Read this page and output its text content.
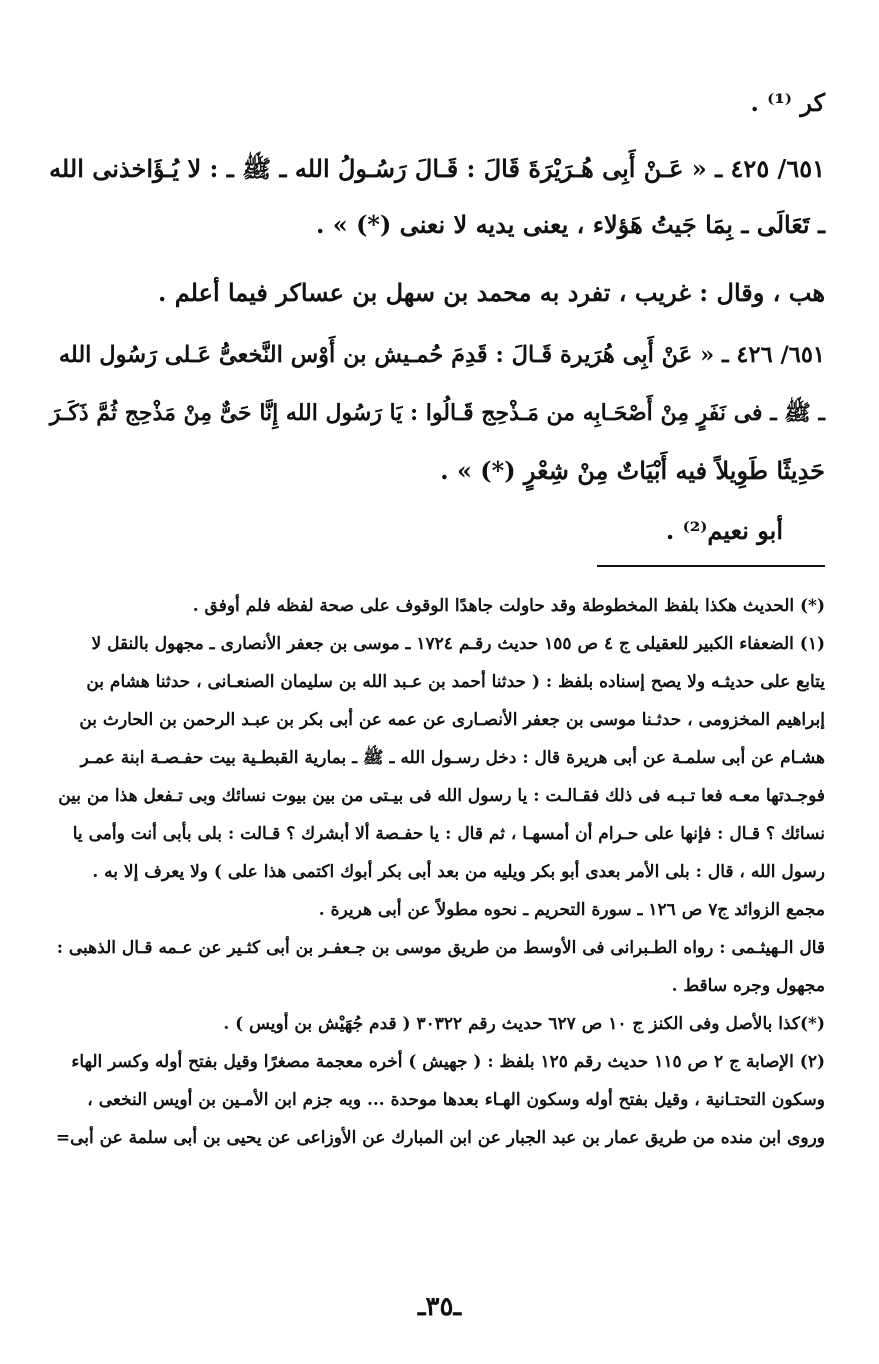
كر ⁽¹⁾ .
٦٥١/ ٤٢٥ ـ « عَـنْ أَبِى هُـرَيْرَةَ قَالَ : قَـالَ رَسُـولُ الله ـ ﷺ ـ : لا يُـؤَاخذنى الله
ـ تَعَالَى ـ بِمَا جَيتُ هَؤلاء ، يعنى يديه لا نعنى (*) » .
هب ، وقال : غريب ، تفرد به محمد بن سهل بن عساكر فيما أعلم .
٦٥١/ ٤٢٦ ـ « عَنْ أَبِى هُرَيرة قَـالَ : قَدِمَ حُمـيش بن أَوْس النَّخعىُّ عَـلى رَسُول الله
ـ ﷺ ـ فى نَفَرٍ مِنْ أَصْحَـابِه من مَـذْحِج قَـالُوا : يَا رَسُول الله إِنَّا حَىٌّ مِنْ مَذْحِج ثُمَّ ذَكَـرَ
حَدِيثًا طَوِيلاً فيه أَبْيَاتٌ مِنْ شِعْرٍ (*) » .
أبو نعيم⁽²⁾ .
(*) الحديث هكذا بلفظ المخطوطة وقد حاولت جاهدًا الوقوف على صحة لفظه فلم أوفق .
(١) الضعفاء الكبير للعقيلى ج ٤ ص ١٥٥ حديث رقـم ١٧٢٤ ـ موسى بن جعفر الأنصارى ـ مجهول بالنقل لا
يتابع على حديثـه ولا يصح إسناده بلفظ : ( حدثنا أحمد بن عـبد الله بن سليمان الصنعـانى ، حدثنا هشام بن
إبراهيم المخزومى ، حدثـنا موسى بن جعفر الأنصـارى عن عمه عن أبى بكر بن عبـد الرحمن بن الحارث بن
هشـام عن أبى سلمـة عن أبى هريرة قال : دخل رسـول الله ـ ﷺ ـ بمارية القبطـية بيت حفـصـة ابنة عمـر
فوجـدتها معـه فعا تـبـه فى ذلك فقـالـت : يا رسول الله فى بيـتى من بين بيوت نسائك وبى تـفعل هذا من بين
نسائك ؟ قـال : فإنها على حـرام أن أمسهـا ، ثم قال : يا حفـصة ألا أبشرك ؟ قـالت : بلى بأبى أنت وأمى يا
رسول الله ، قال : بلى الأمر بعدى أبو بكر ويليه من بعد أبى بكر أبوك اكتمى هذا على ) ولا يعرف إلا به .
مجمع الزوائد ج٧ ص ١٢٦ ـ سورة التحريم ـ نحوه مطولاً عن أبى هريرة .
قال الـهيثـمى : رواه الطـبرانى فى الأوسط من طريق موسى بن جـعفـر بن أبى كثـير عن عـمه قـال الذهبى :
مجهول وجره ساقط .
(*)كذا بالأصل وفى الكنز ج ١٠ ص ٦٢٧ حديث رقم ٣٠٣٢٢ ( قدم جُهَيْش بن أويس ) .
(٢) الإصابة ج ٢ ص ١١٥ حديث رقم ١٢٥ بلفظ : ( جهيش ) أخره معجمة مصغرًا وقيل بفتح أوله وكسر الهاء
وسكون التحتـانية ، وقيل بفتح أوله وسكون الهـاء بعدها موحدة ... وبه جزم ابن الأمـين بن أويس النخعى ،
وروى ابن منده من طريق عمار بن عبد الجبار عن ابن المبارك عن الأوزاعى عن يحيى بن أبى سلمة عن أبى=
ـ٣٥ـ
